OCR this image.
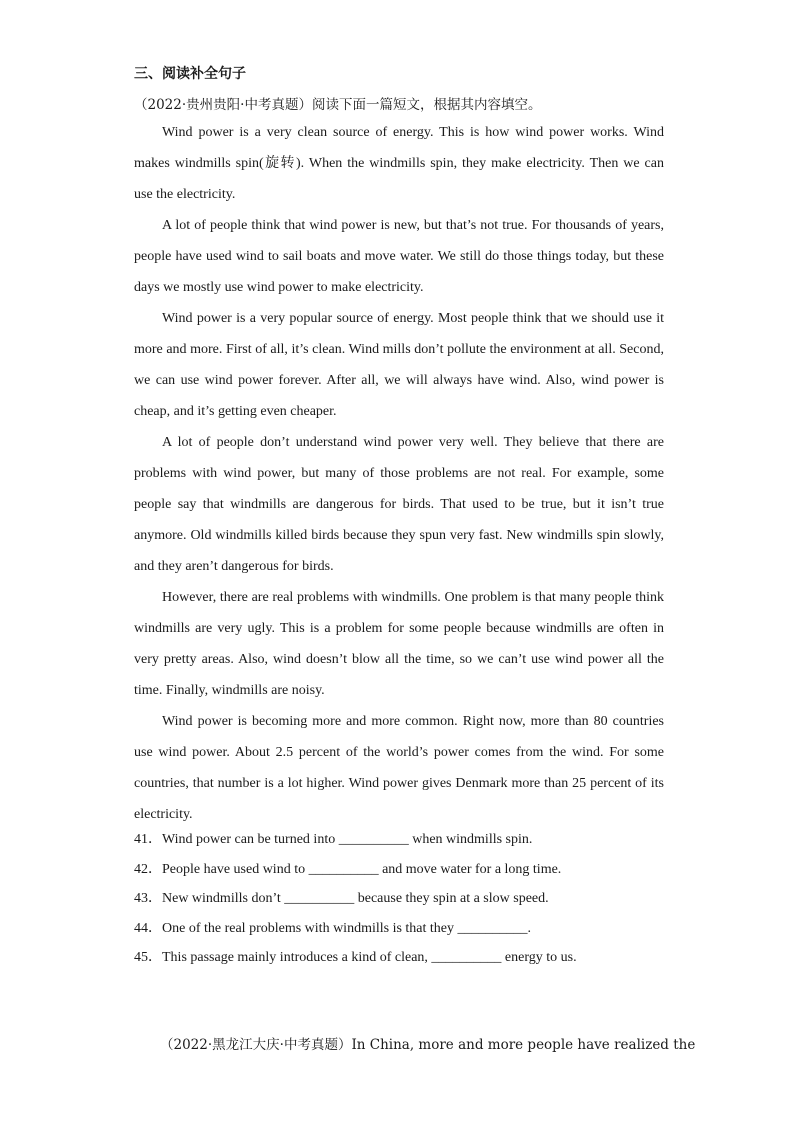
三、阅读补全句子
（2022·贵州贵阳·中考真题）阅读下面一篇短文，根据其内容填空。

Wind power is a very clean source of energy. This is how wind power works. Wind makes windmills spin(旋转). When the windmills spin, they make electricity. Then we can use the electricity.

A lot of people think that wind power is new, but that’s not true. For thousands of years, people have used wind to sail boats and move water. We still do those things today, but these days we mostly use wind power to make electricity.

Wind power is a very popular source of energy. Most people think that we should use it more and more. First of all, it’s clean. Wind mills don’t pollute the environment at all. Second, we can use wind power forever. After all, we will always have wind. Also, wind power is cheap, and it’s getting even cheaper.

A lot of people don’t understand wind power very well. They believe that there are problems with wind power, but many of those problems are not real. For example, some people say that windmills are dangerous for birds. That used to be true, but it isn’t true anymore. Old windmills killed birds because they spun very fast. New windmills spin slowly, and they aren’t dangerous for birds.

However, there are real problems with windmills. One problem is that many people think windmills are very ugly. This is a problem for some people because windmills are often in very pretty areas. Also, wind doesn’t blow all the time, so we can’t use wind power all the time. Finally, windmills are noisy.

Wind power is becoming more and more common. Right now, more than 80 countries use wind power. About 2.5 percent of the world’s power comes from the wind. For some countries, that number is a lot higher. Wind power gives Denmark more than 25 percent of its electricity.

41．Wind power can be turned into __________ when windmills spin.

42．People have used wind to __________ and move water for a long time.

43．New windmills don’t __________ because they spin at a slow speed.

44．One of the real problems with windmills is that they __________.

45．This passage mainly introduces a kind of clean, __________ energy to us.

（2022·黑龙江大庆·中考真题）In China, more and more people have realized the
